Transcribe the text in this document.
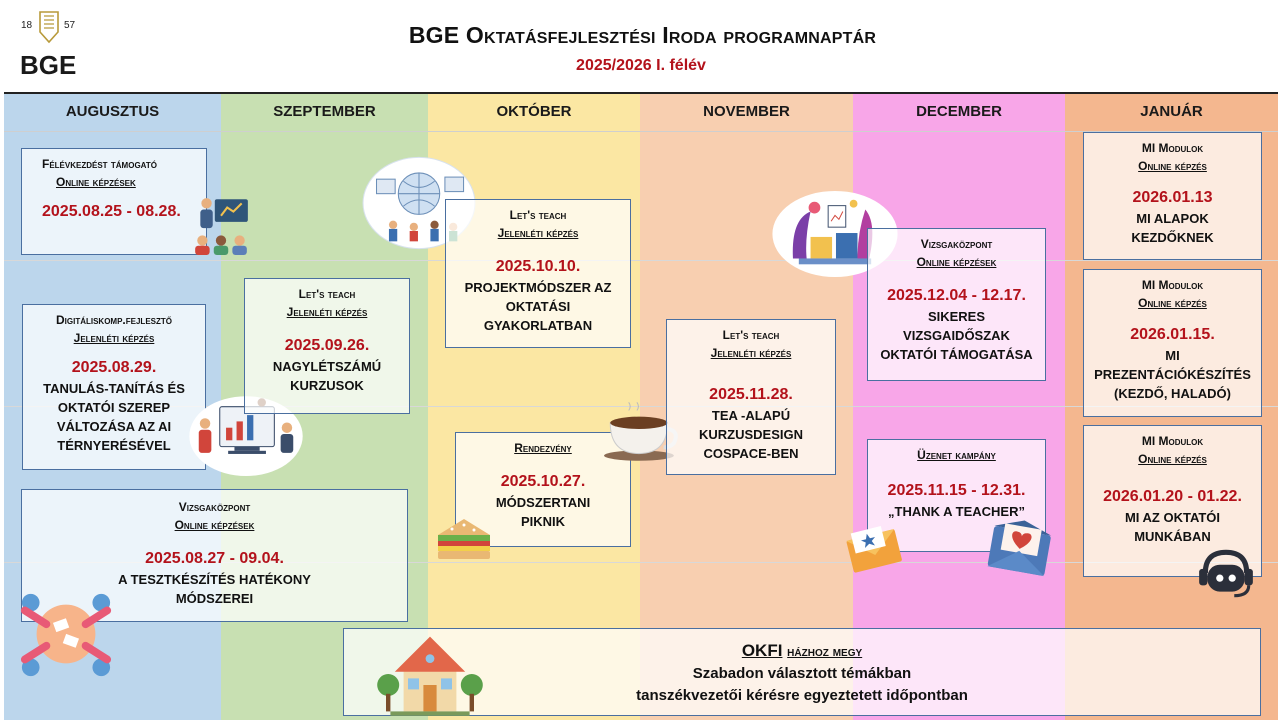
18	57
BGE
BGE Oktatásfejlesztési Iroda programnaptár
2025/2026 I. félév
AUGUSZTUS	SZEPTEMBER	OKTÓBER	NOVEMBER	DECEMBER	JANUÁR
Félévkezdést támogató
Online képzések
2025.08.25 - 08.28.
Digitáliskomp.fejlesztő
Jelenléti képzés
2025.08.29.
TANULÁS-TANÍTÁS ÉS
OKTATÓI SZEREP
VÁLTOZÁSA AZ AI
TÉRNYERÉSÉVEL
Vizsgaközpont
Online képzések
2025.08.27 - 09.04.
A TESZTKÉSZÍTÉS HATÉKONY
MÓDSZEREI
Let's teach
Jelenléti képzés
2025.09.26.
NAGYLÉTSZÁMÚ
KURZUSOK
Let's teach
Jelenléti képzés
2025.10.10.
PROJEKTMÓDSZER AZ
OKTATÁSI
GYAKORLATBAN
Rendezvény
2025.10.27.
MÓDSZERTANI
PIKNIK
Let's teach
Jelenléti képzés
2025.11.28.
TEA -ALAPÚ
KURZUSDESIGN
COSPACE-BEN
Vizsgaközpont
Online képzések
2025.12.04 - 12.17.
SIKERES
VIZSGAIDŐSZAK
OKTATÓI TÁMOGATÁSA
Üzenet kampány
2025.11.15 - 12.31.
„THANK A TEACHER”
MI Modulok
Online képzés
2026.01.13
MI ALAPOK
KEZDŐKNEK
MI Modulok
Online képzés
2026.01.15.
MI
PREZENTÁCIÓKÉSZÍTÉS
(KEZDŐ, HALADÓ)
MI Modulok
Online képzés
2026.01.20 - 01.22.
MI AZ OKTATÓI
MUNKÁBAN
OKFI házhoz megy
Szabadon választott témákban
tanszékvezetői kérésre egyeztetett időpontban
